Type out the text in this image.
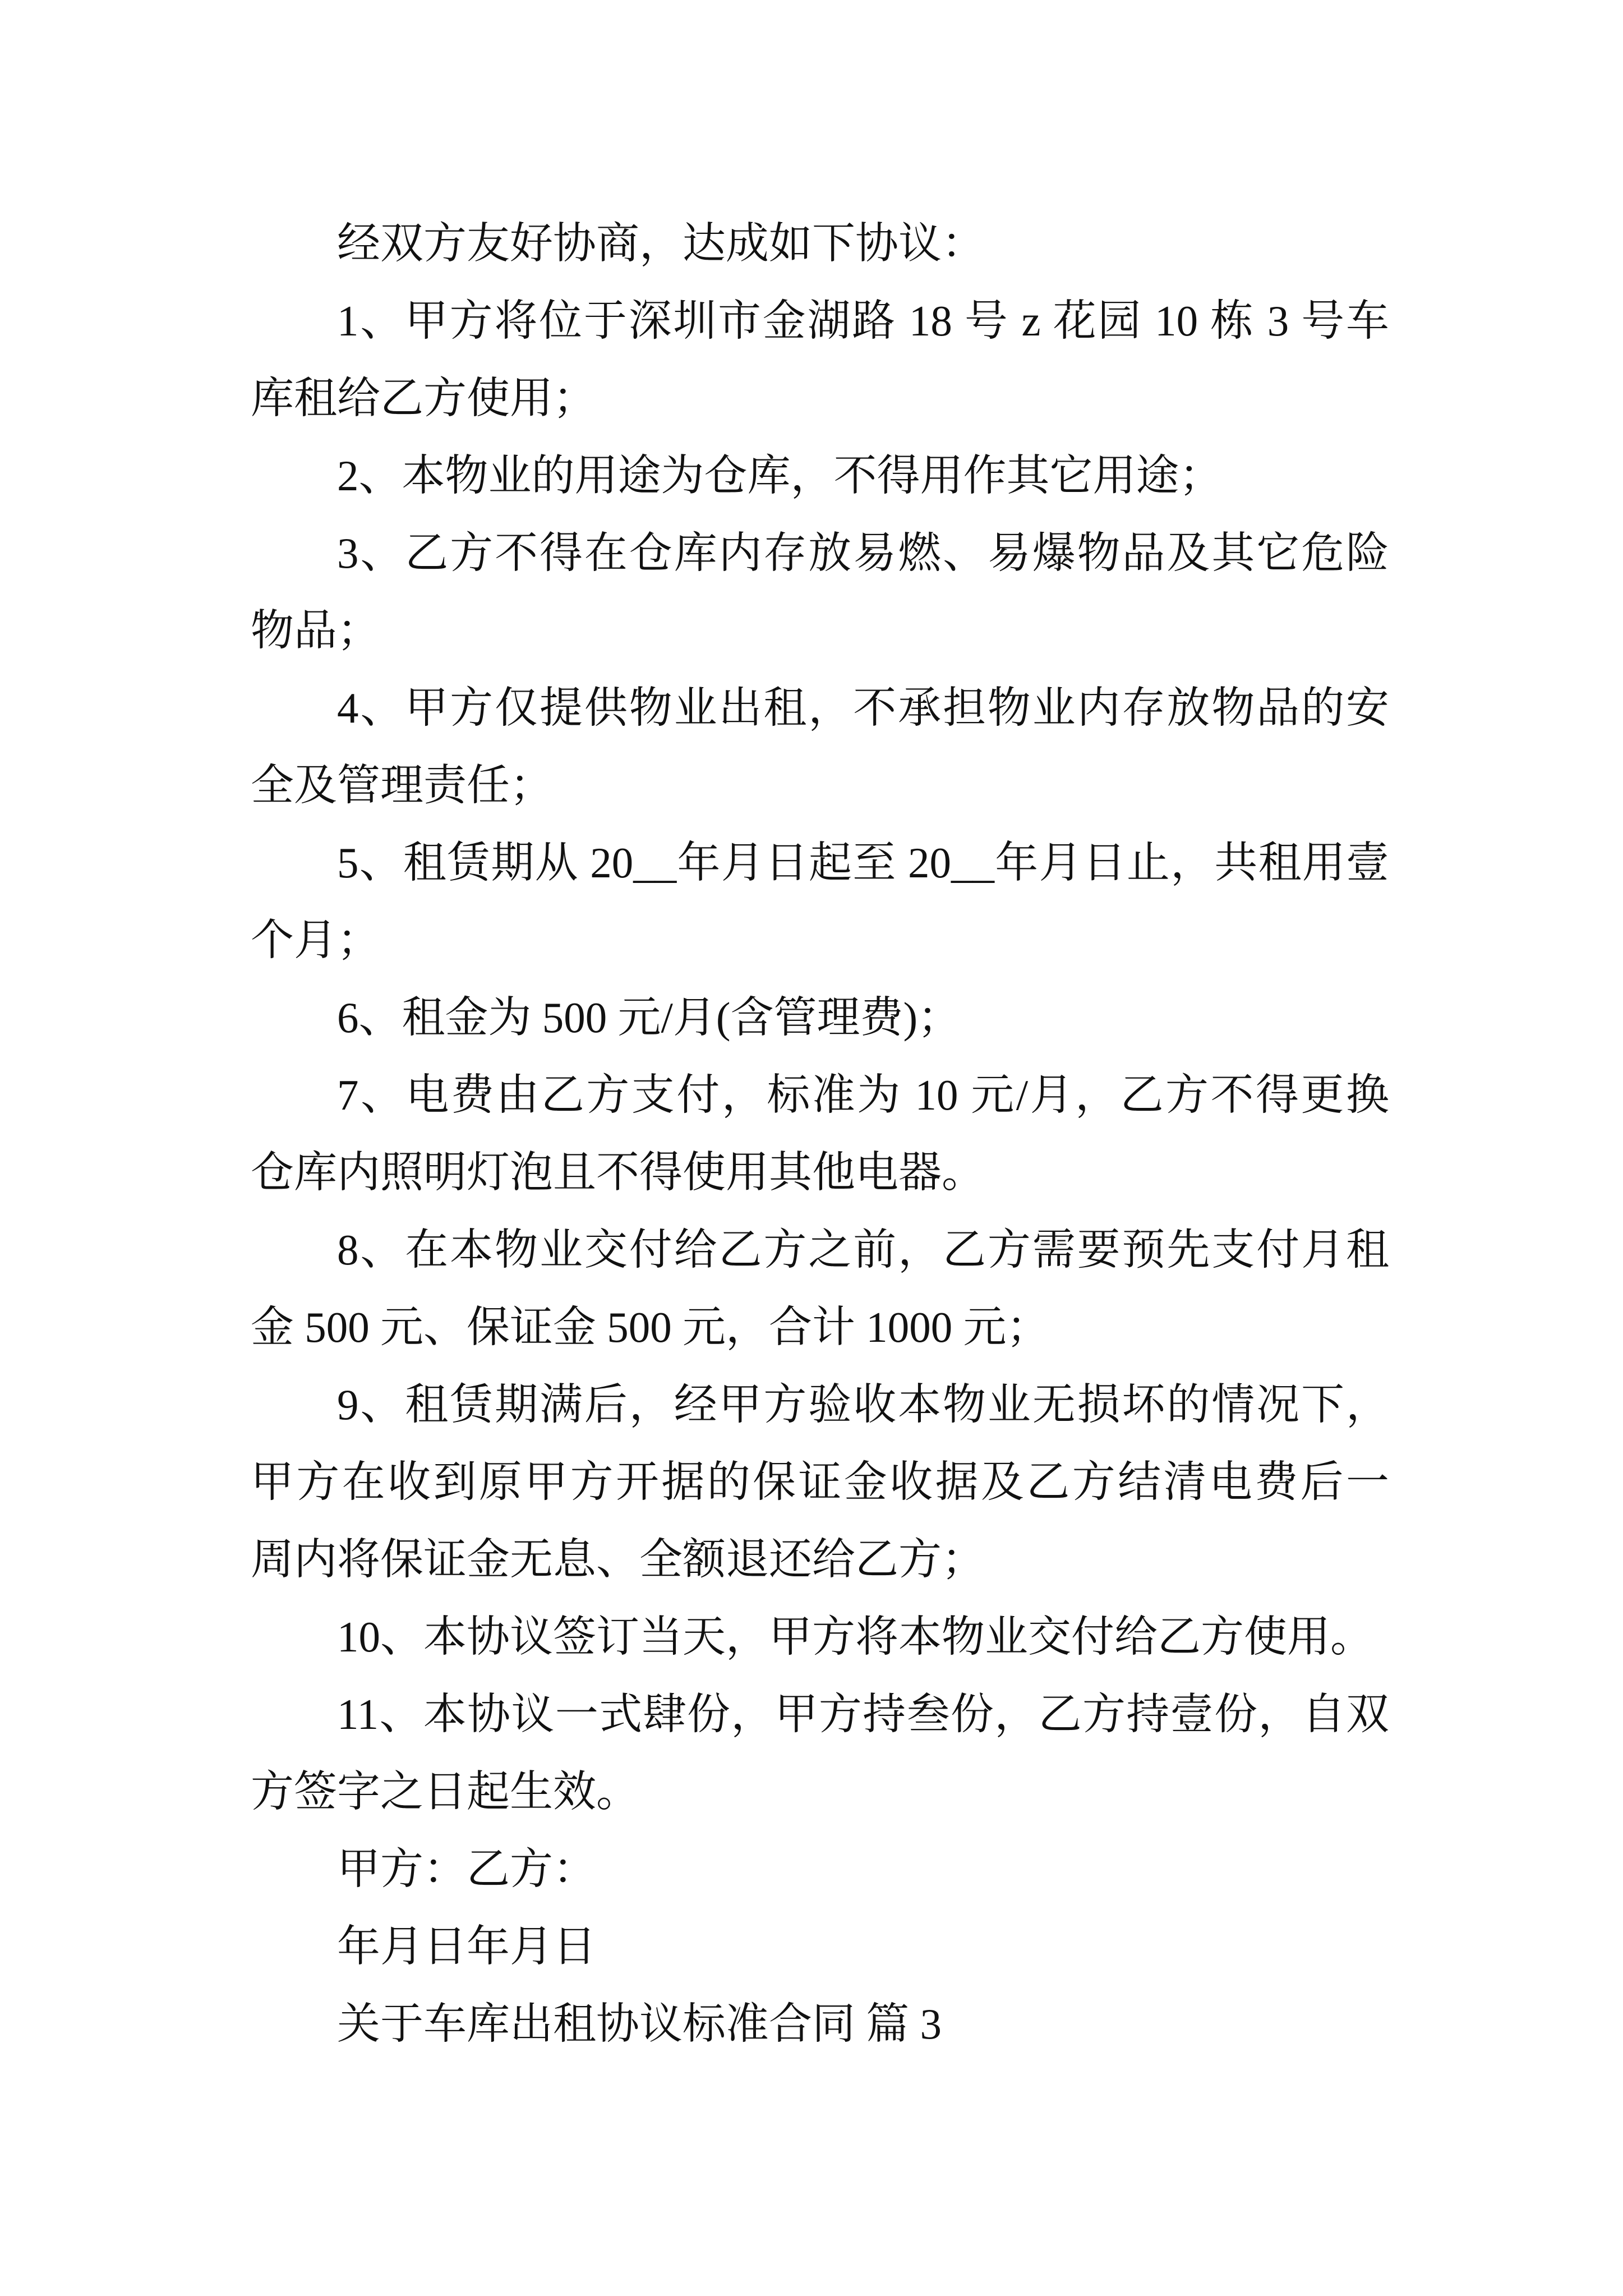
经双方友好协商，达成如下协议：
1、甲方将位于深圳市金湖路 18 号 z 花园 10 栋 3 号车
库租给乙方使用；
2、本物业的用途为仓库，不得用作其它用途；
3、乙方不得在仓库内存放易燃、易爆物品及其它危险
物品；
4、甲方仅提供物业出租，不承担物业内存放物品的安
全及管理责任；
5、租赁期从 20__年月日起至 20__年月日止，共租用壹
个月；
6、租金为 500 元/月(含管理费)；
7、电费由乙方支付，标准为 10 元/月，乙方不得更换
仓库内照明灯泡且不得使用其他电器。
8、在本物业交付给乙方之前，乙方需要预先支付月租
金 500 元、保证金 500 元，合计 1000 元；
9、租赁期满后，经甲方验收本物业无损坏的情况下，
甲方在收到原甲方开据的保证金收据及乙方结清电费后一
周内将保证金无息、全额退还给乙方；
10、本协议签订当天，甲方将本物业交付给乙方使用。
11、本协议一式肆份，甲方持叁份，乙方持壹份，自双
方签字之日起生效。
甲方：乙方：
年月日年月日
关于车库出租协议标准合同 篇 3
